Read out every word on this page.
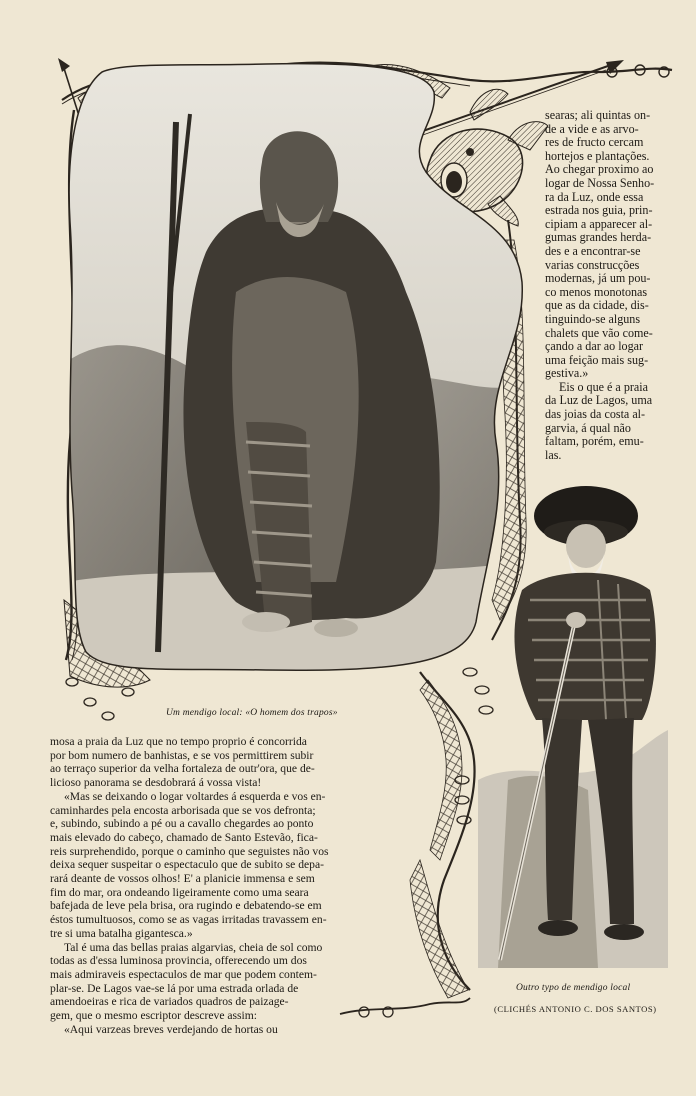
Um mendigo local: «O homem dos trapos»
Outro typo de mendigo local
(CLICHÉS ANTONIO C. DOS SANTOS)

searas; ali quintas on-

de a vide e as arvo-

res de fructo cercam

hortejos e plantações.

Ao chegar proximo ao

logar de Nossa Senho-

ra da Luz, onde essa

estrada nos guia, prin-

cipiam a apparecer al-

gumas grandes herda-

des e a encontrar-se

varias construcções

modernas, já um pou-

co menos monotonas

que as da cidade, dis-

tinguindo-se alguns

chalets que vão come-

çando a dar ao logar

uma feição mais sug-

gestiva.»

Eis o que é a praia

da Luz de Lagos, uma

das joias da costa al-

garvia, á qual não

faltam, porém, emu-

las.

mosa a praia da Luz que no tempo proprio é concorrida

por bom numero de banhistas, e se vos permittirem subir

ao terraço superior da velha fortaleza de outr'ora, que de-

licioso panorama se desdobrará á vossa vista!

«Mas se deixando o logar voltardes á esquerda e vos en-

caminhardes pela encosta arborisada que se vos defronta;

e, subindo, subindo a pé ou a cavallo chegardes ao ponto

mais elevado do cabeço, chamado de Santo Estevão, fica-

reis surprehendido, porque o caminho que seguistes não vos

deixa sequer suspeitar o espectaculo que de subito se depa-

rará deante de vossos olhos! E' a planicie immensa e sem

fim do mar, ora ondeando ligeiramente como uma seara

bafejada de leve pela brisa, ora rugindo e debatendo-se em

éstos tumultuosos, como se as vagas irritadas travassem en-

tre si uma batalha gigantesca.»

Tal é uma das bellas praias algarvias, cheia de sol como

todas as d'essa luminosa provincia, offerecendo um dos

mais admiraveis espectaculos de mar que podem contem-

plar-se. De Lagos vae-se lá por uma estrada orlada de

amendoeiras e rica de variados quadros de paizage-

gem, que o mesmo escriptor descreve assim:

«Aqui varzeas breves verdejando de hortas ou
